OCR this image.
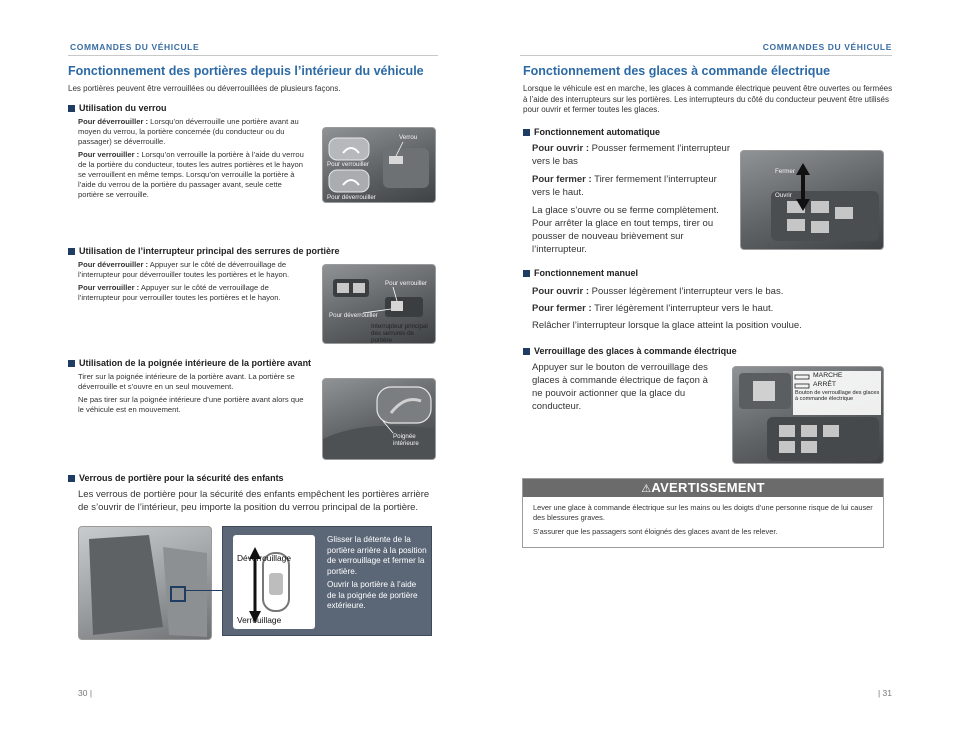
COMMANDES DU VÉHICULE
Fonctionnement des portières depuis l’intérieur du véhicule
Les portières peuvent être verrouillées ou déverrouillées de plusieurs façons.
Utilisation du verrou

Pour déverrouiller : Lorsqu’on déverrouille une portière avant au moyen du verrou, la portière concernée (du conducteur ou du passager) se déverrouille.

Pour verrouiller : Lorsqu’on verrouille la portière à l’aide du verrou de la portière du conducteur, toutes les autres portières et le hayon se verrouillent en même temps. Lorsqu’on verrouille la portière à l’aide du verrou de la portière du passager avant, seule cette portière se verrouille.

Verrou
Pour verrouiller
Pour déverrouiller
Utilisation de l’interrupteur principal des serrures de portière

Pour déverrouiller : Appuyer sur le côté de déverrouillage de l’interrupteur pour déverrouiller toutes les portières et le hayon.

Pour verrouiller : Appuyer sur le côté de verrouillage de l’interrupteur pour verrouiller toutes les portières et le hayon.

Pour verrouiller
Pour déverrouiller
Interrupteur principal des serrures de portière
Utilisation de la poignée intérieure de la portière avant

Tirer sur la poignée intérieure de la portière avant. La portière se déverrouille et s’ouvre en un seul mouvement.

Ne pas tirer sur la poignée intérieure d’une portière avant alors que le véhicule est en mouvement.

Poignée intérieure
Verrous de portière pour la sécurité des enfants
Les verrous de portière pour la sécurité des enfants empêchent les portières arrière de s’ouvrir de l’intérieur, peu importe la position du verrou principal de la portière.
Déverrouillage
Verrouillage

Glisser la détente de la portière arrière à la position de verrouillage et fermer la portière.

Ouvrir la portière à l’aide de la poignée de portière extérieure.

30 |
COMMANDES DU VÉHICULE
Fonctionnement des glaces à commande électrique
Lorsque le véhicule est en marche, les glaces à commande électrique peuvent être ouvertes ou fermées à l’aide des interrupteurs sur les portières. Les interrupteurs du côté du conducteur peuvent être utilisés pour ouvrir et fermer toutes les glaces.
Fonctionnement automatique

Pour ouvrir : Pousser fermement l’interrupteur vers le bas

Pour fermer : Tirer fermement l’interrupteur vers le haut.

La glace s’ouvre ou se ferme complètement. Pour arrêter la glace en tout temps, tirer ou pousser de nouveau brièvement sur l’interrupteur.

Fermer
Ouvrir
Fonctionnement manuel

Pour ouvrir : Pousser légèrement l’interrupteur vers le bas.

Pour fermer : Tirer légèrement l’interrupteur vers le haut.

Relâcher l’interrupteur lorsque la glace atteint la position voulue.

Verrouillage des glaces à commande électrique
Appuyer sur le bouton de verrouillage des glaces à commande électrique de façon à ne pouvoir actionner que la glace du conducteur.
MARCHE
ARRÊT
Bouton de verrouillage des glaces à commande électrique
⚠AVERTISSEMENT

Lever une glace à commande électrique sur les mains ou les doigts d’une personne risque de lui causer des blessures graves.

S’assurer que les passagers sont éloignés des glaces avant de les relever.

| 31
